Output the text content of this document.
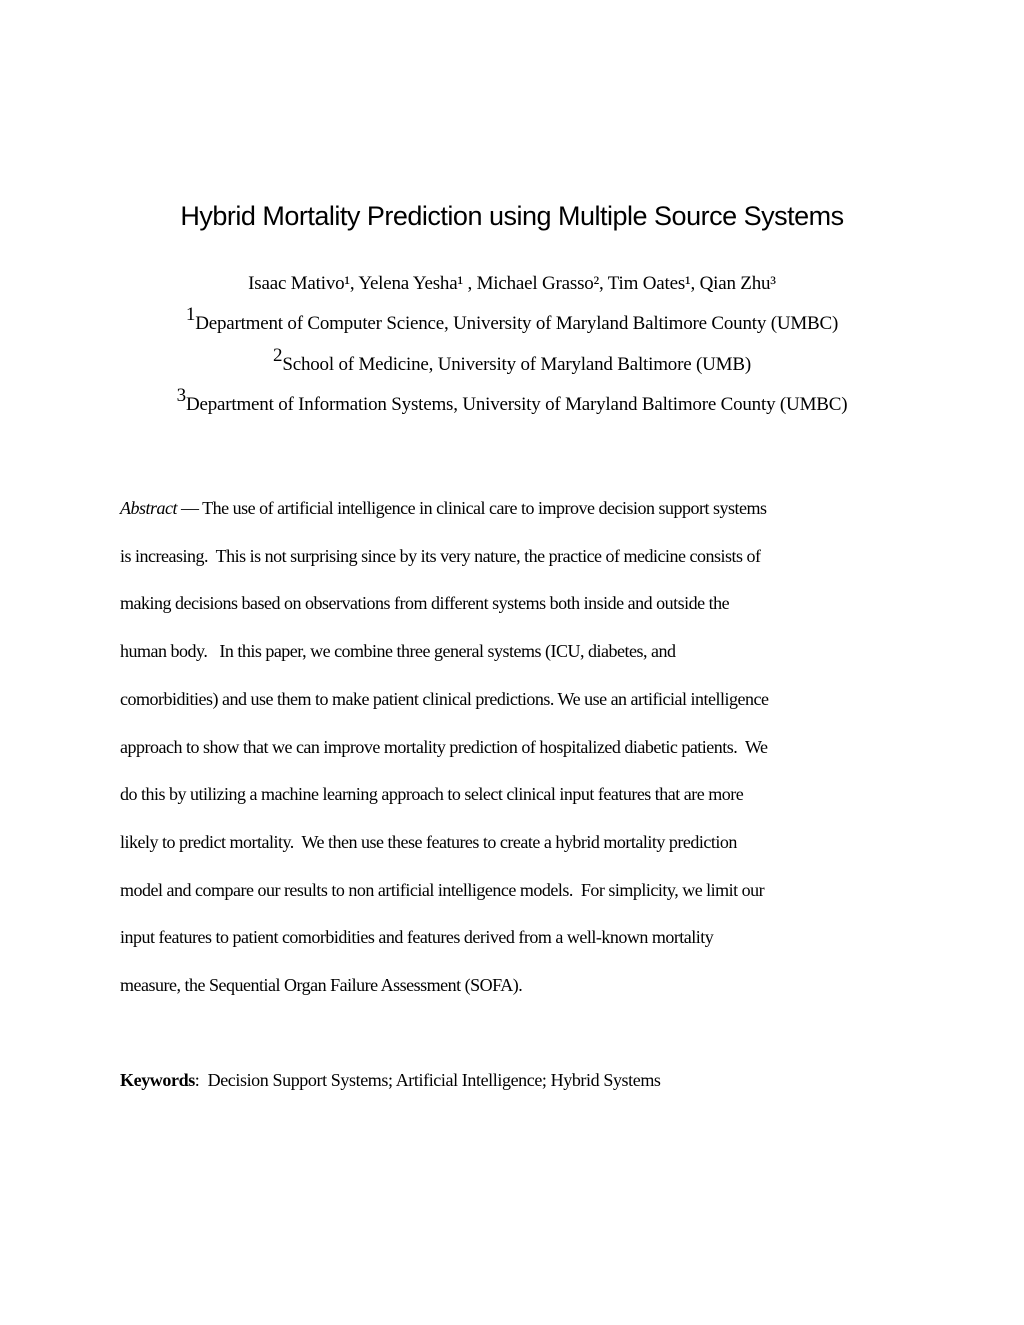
Hybrid Mortality Prediction using Multiple Source Systems
Isaac Mativo¹, Yelena Yesha¹ , Michael Grasso², Tim Oates¹, Qian Zhu³
1Department of Computer Science, University of Maryland Baltimore County (UMBC)
2School of Medicine, University of Maryland Baltimore (UMB)
3Department of Information Systems, University of Maryland Baltimore County (UMBC)
Abstract — The use of artificial intelligence in clinical care to improve decision support systems
is increasing.  This is not surprising since by its very nature, the practice of medicine consists of
making decisions based on observations from different systems both inside and outside the
human body.   In this paper, we combine three general systems (ICU, diabetes, and
comorbidities) and use them to make patient clinical predictions. We use an artificial intelligence
approach to show that we can improve mortality prediction of hospitalized diabetic patients.  We
do this by utilizing a machine learning approach to select clinical input features that are more
likely to predict mortality.  We then use these features to create a hybrid mortality prediction
model and compare our results to non artificial intelligence models.  For simplicity, we limit our
input features to patient comorbidities and features derived from a well-known mortality
measure, the Sequential Organ Failure Assessment (SOFA).
Keywords:  Decision Support Systems; Artificial Intelligence; Hybrid Systems
